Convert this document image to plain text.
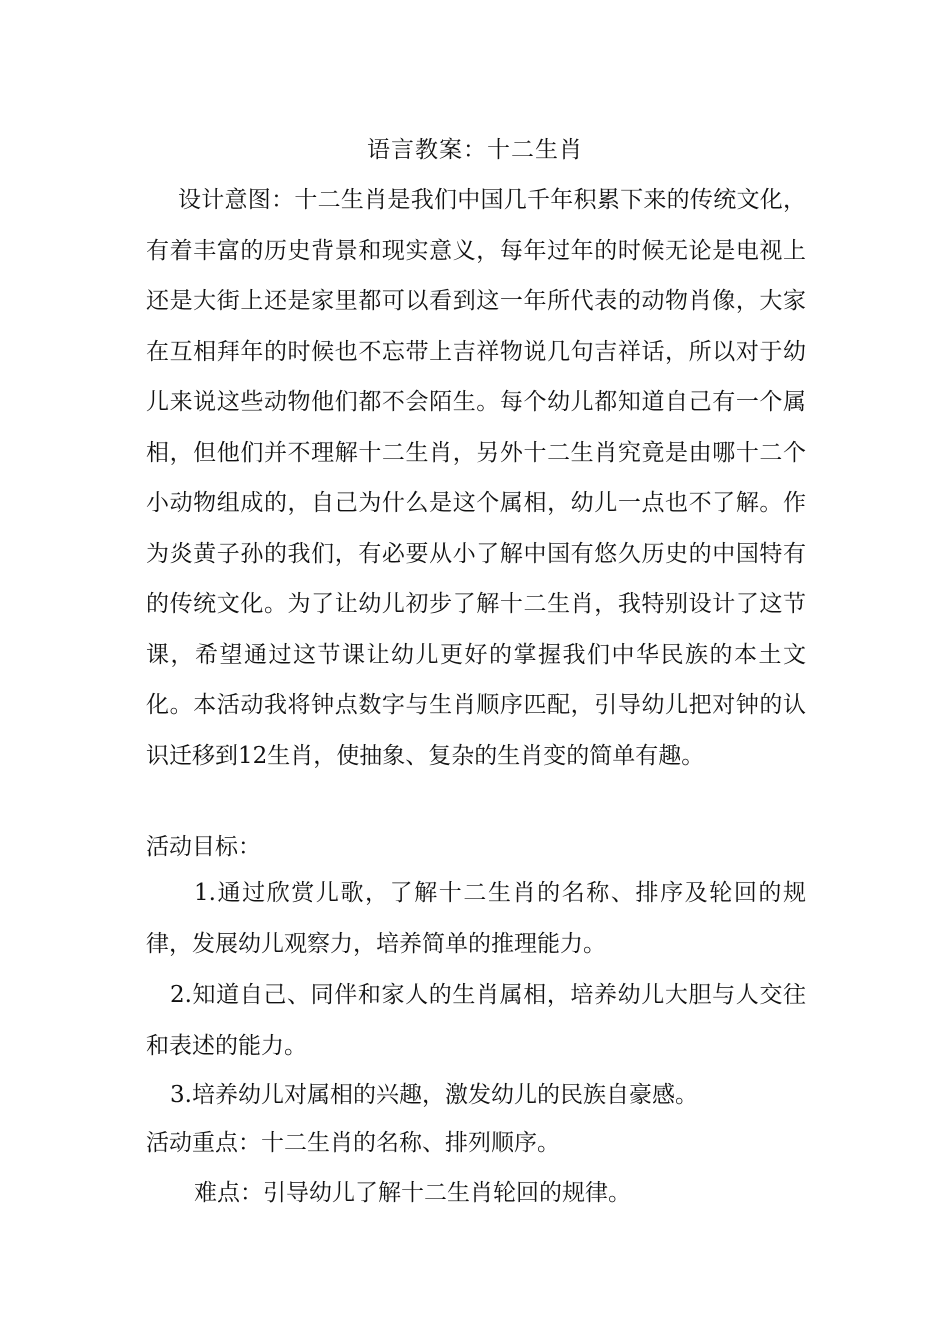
语言教案：十二生肖

设计意图：十二生肖是我们中国几千年积累下来的传统文化，有着丰富的历史背景和现实意义，每年过年的时候无论是电视上还是大街上还是家里都可以看到这一年所代表的动物肖像，大家在互相拜年的时候也不忘带上吉祥物说几句吉祥话，所以对于幼儿来说这些动物他们都不会陌生。每个幼儿都知道自己有一个属相，但他们并不理解十二生肖，另外十二生肖究竟是由哪十二个小动物组成的，自己为什么是这个属相，幼儿一点也不了解。作为炎黄子孙的我们，有必要从小了解中国有悠久历史的中国特有的传统文化。为了让幼儿初步了解十二生肖，我特别设计了这节课，希望通过这节课让幼儿更好的掌握我们中华民族的本土文化。本活动我将钟点数字与生肖顺序匹配，引导幼儿把对钟的认识迁移到12生肖，使抽象、复杂的生肖变的简单有趣。

活动目标：

1.通过欣赏儿歌，了解十二生肖的名称、排序及轮回的规律，发展幼儿观察力，培养简单的推理能力。

2.知道自己、同伴和家人的生肖属相，培养幼儿大胆与人交往和表述的能力。

3.培养幼儿对属相的兴趣，激发幼儿的民族自豪感。

活动重点：十二生肖的名称、排列顺序。

难点：引导幼儿了解十二生肖轮回的规律。
